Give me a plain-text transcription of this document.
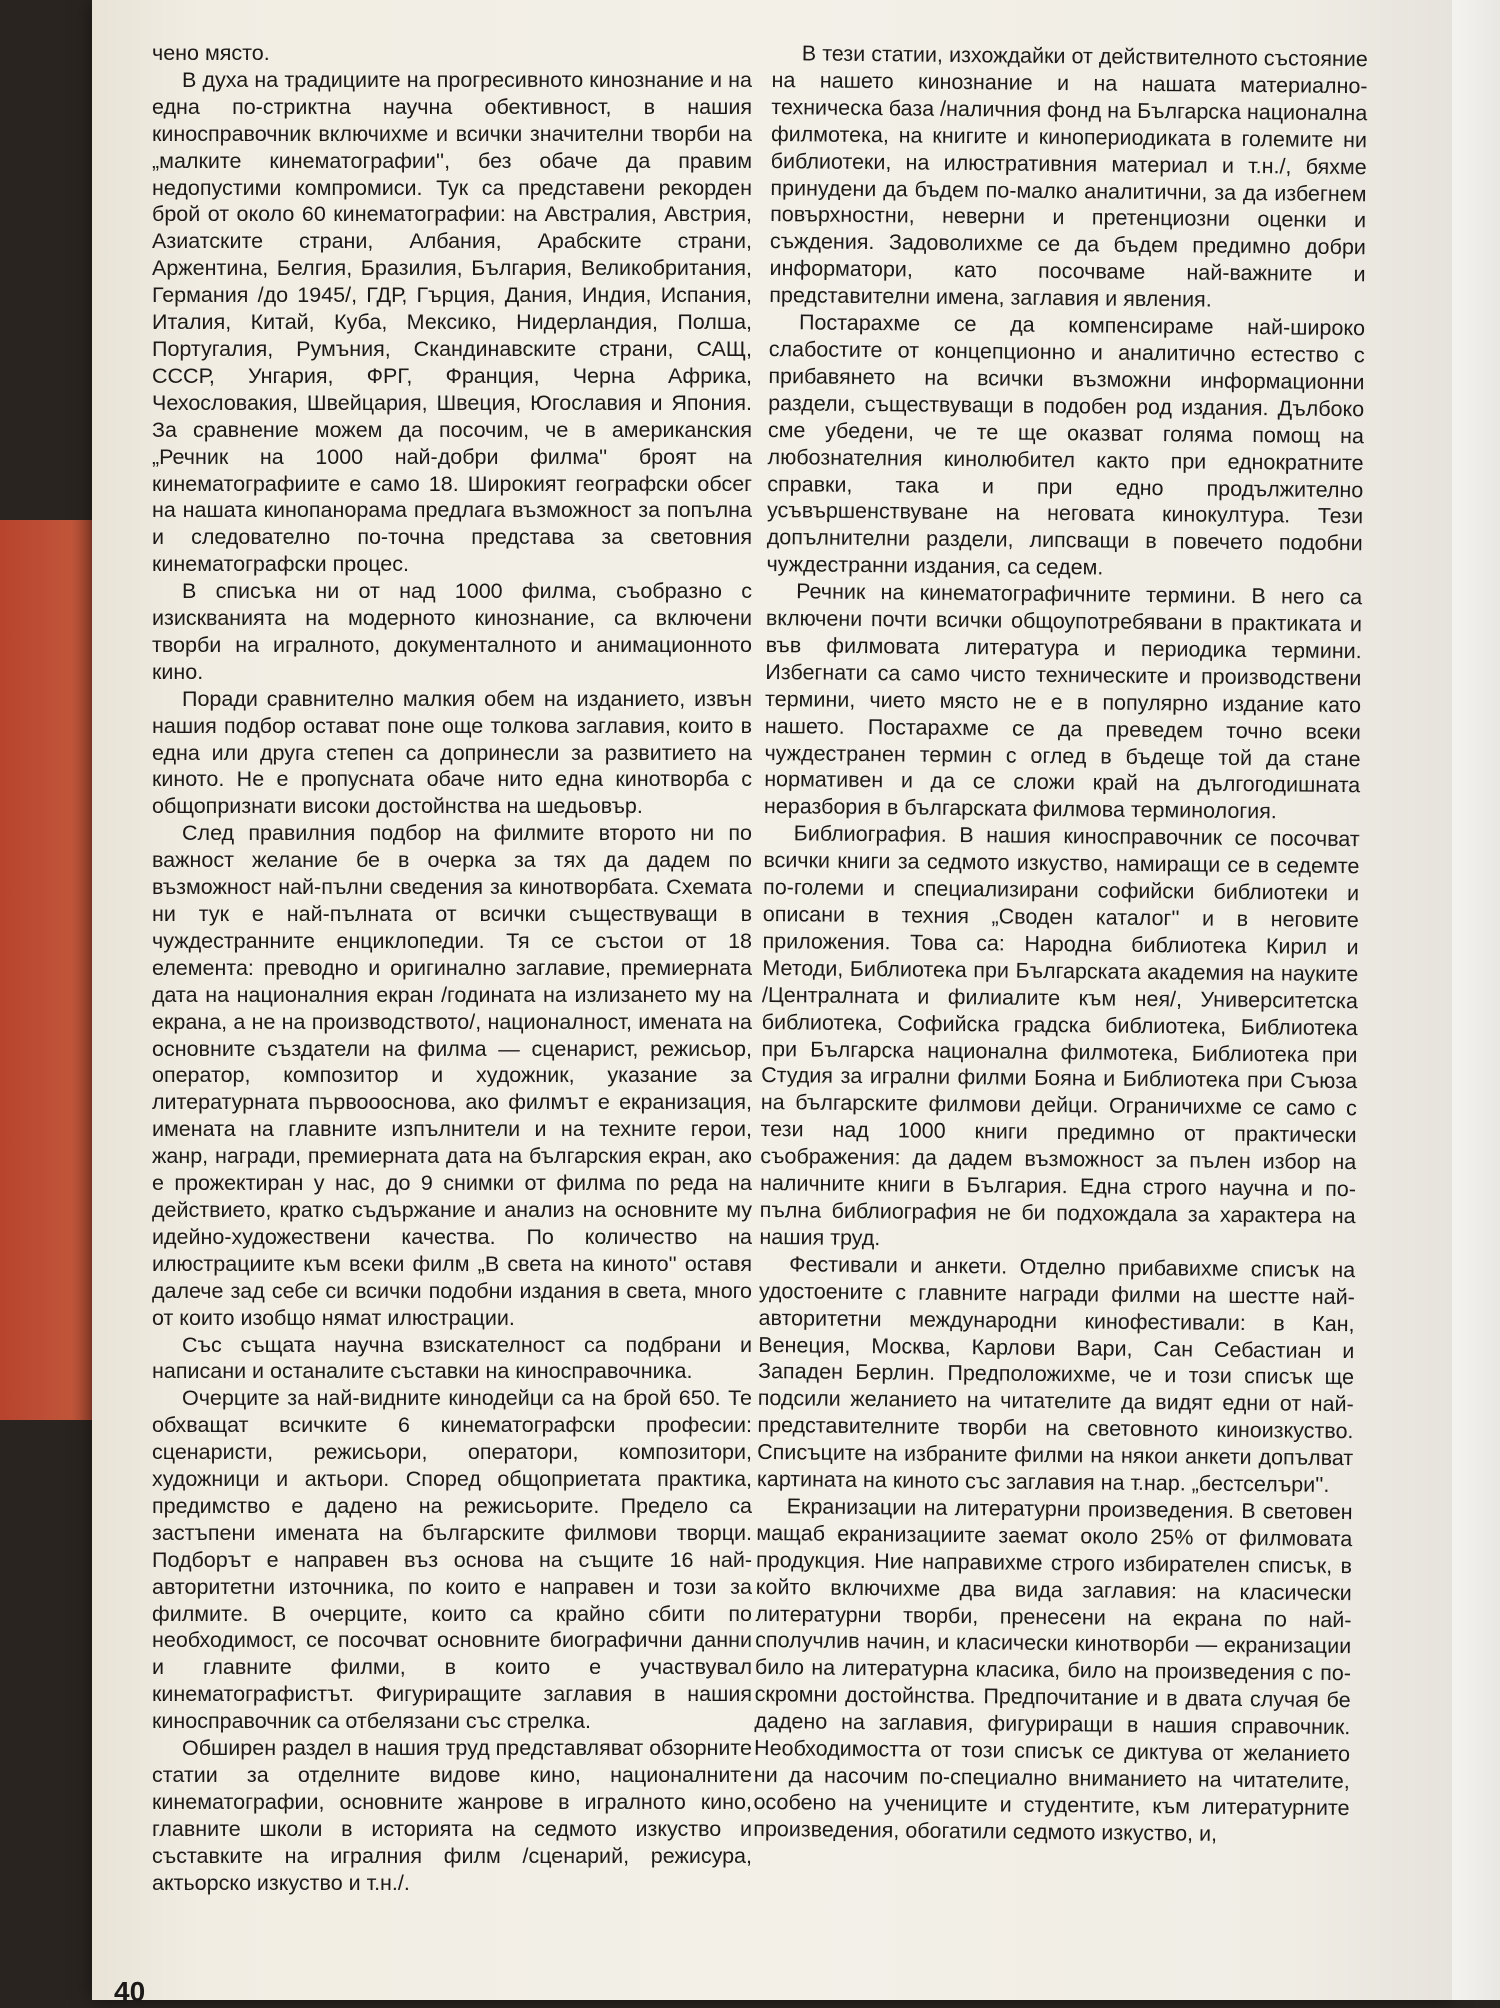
чено място.

В духа на традициите на прогресивното кинознание и на една по-стриктна научна обективност, в нашия киносправочник включихме и всички значителни творби на „малките кинематографии'', без обаче да правим недопустими компромиси. Тук са представени рекорден брой от около 60 кинематографии: на Австралия, Австрия, Азиатските страни, Албания, Арабските страни, Аржентина, Белгия, Бразилия, България, Великобритания, Германия /до 1945/, ГДР, Гърция, Дания, Индия, Испания, Италия, Китай, Куба, Мексико, Нидерландия, Полша, Португалия, Румъния, Скандинавските страни, САЩ, СССР, Унгария, ФРГ, Франция, Черна Африка, Чехословакия, Швейцария, Швеция, Югославия и Япония. За сравнение можем да посочим, че в американския „Речник на 1000 най-добри филма'' броят на кинематографиите е само 18. Широкият географски обсег на нашата кинопанорама предлага възможност за попълна и следователно по-точна представа за световния кинематографски процес.

В списъка ни от над 1000 филма, съобразно с изискванията на модерното кинознание, са включени творби на игралното, документалното и анимационното кино.

Поради сравнително малкия обем на изданието, извън нашия подбор остават поне още толкова заглавия, които в една или друга степен са допринесли за развитието на киното. Не е пропусната обаче нито една кинотворба с общопризнати високи достойнства на шедьовър.

След правилния подбор на филмите второто ни по важност желание бе в очерка за тях да дадем по възможност най-пълни сведения за кинотворбата. Схемата ни тук е най-пълната от всички съществуващи в чуждестранните енциклопедии. Тя се състои от 18 елемента: преводно и оригинално заглавие, премиерната дата на националния екран /годината на излизането му на екрана, а не на производството/, националност, имената на основните създатели на филма — сценарист, режисьор, оператор, композитор и художник, указание за литературната първоооснова, ако филмът е екранизация, имената на главните изпълнители и на техните герои, жанр, награди, премиерната дата на българския екран, ако е прожектиран у нас, до 9 снимки от филма по реда на действието, кратко съдържание и анализ на основните му идейно-художествени качества. По количество на илюстрациите към всеки филм „В света на киното'' оставя далече зад себе си всички подобни издания в света, много от които изобщо нямат илюстрации.

Със същата научна взискателност са подбрани и написани и останалите съставки на киносправочника.

Очерците за най-видните кинодейци са на брой 650. Те обхващат всичките 6 кинематографски професии: сценаристи, режисьори, оператори, композитори, художници и актьори. Според общоприетата практика, предимство е дадено на режисьорите. Предело са застъпени имената на българските филмови творци. Подборът е направен въз основа на същите 16 най-авторитетни източника, по които е направен и този за филмите. В очерците, които са крайно сбити по необходимост, се посочват основните биографични данни и главните филми, в които е участвувал кинематографистът. Фигуриращите заглавия в нашия киносправочник са отбелязани със стрелка.

Обширен раздел в нашия труд представляват обзорните статии за отделните видове кино, националните кинематографии, основните жанрове в игралното кино, главните школи в историята на седмото изкуство и съставките на игралния филм /сценарий, режисура, актьорско изкуство и т.н./.

В тези статии, изхождайки от действителното състояние на нашето кинознание и на нашата материално-техническа база /наличния фонд на Българска национална филмотека, на книгите и кинопериодиката в големите ни библиотеки, на илюстративния материал и т.н./, бяхме принудени да бъдем по-малко аналитични, за да избегнем повърхностни, неверни и претенциозни оценки и съждения. Задоволихме се да бъдем предимно добри информатори, като посочваме най-важните и представителни имена, заглавия и явления.

Постарахме се да компенсираме най-широко слабостите от концепционно и аналитично естество с прибавянето на всички възможни информационни раздели, съществуващи в подобен род издания. Дълбоко сме убедени, че те ще оказват голяма помощ на любознателния кинолюбител както при еднократните справки, така и при едно продължително усъвършенствуване на неговата кинокултура. Тези допълнителни раздели, липсващи в повечето подобни чуждестранни издания, са седем.

Речник на кинематографичните термини. В него са включени почти всички общоупотребявани в практиката и във филмовата литература и периодика термини. Избегнати са само чисто техническите и производствени термини, чието място не е в популярно издание като нашето. Постарахме се да преведем точно всеки чуждестранен термин с оглед в бъдеще той да стане нормативен и да се сложи край на дългогодишната неразбория в българската филмова терминология.

Библиография. В нашия киносправочник се посочват всички книги за седмото изкуство, намиращи се в седемте по-големи и специализирани софийски библиотеки и описани в техния „Сводeн каталог'' и в неговите приложения. Това са: Народна библиотека Кирил и Методи, Библиотека при Българската академия на науките /Централната и филиалите към нея/, Университетска библиотека, Софийска градска библиотека, Библиотека при Българска национална филмотека, Библиотека при Студия за игрални филми Бояна и Библиотека при Съюза на българските филмови дейци. Ограничихме се само с тези над 1000 книги предимно от практически съображения: да дадем възможност за пълен избор на наличните книги в България. Една строго научна и по-пълна библиография не би подхождала за характера на нашия труд.

Фестивали и анкети. Отделно прибавихме списък на удостоените с главните награди филми на шестте най-авторитетни международни кинофестивали: в Кан, Венеция, Москва, Карлови Вари, Сан Себастиан и Западен Берлин. Предположихме, че и този списък ще подсили желанието на читателите да видят едни от най-представителните творби на световното киноизкуство. Списъците на избраните филми на някои анкети допълват картината на киното със заглавия на т.нар. „бестселъри''.

Екранизации на литературни произведения. В световен мащаб екранизациите заемат около 25% от филмовата продукция. Ние направихме строго избирателен списък, в който включихме два вида заглавия: на класически литературни творби, пренесени на екрана по най-сполучлив начин, и класически кинотворби — екранизации било на литературна класика, било на произведения с по-скромни достойнства. Предпочитание и в двата случая бе дадено на заглавия, фигуриращи в нашия справочник. Необходимостта от този списък се диктува от желанието ни да насочим по-специално вниманието на читателите, особено на учениците и студентите, към литературните произведения, обогатили седмото изкуство, и,

40
